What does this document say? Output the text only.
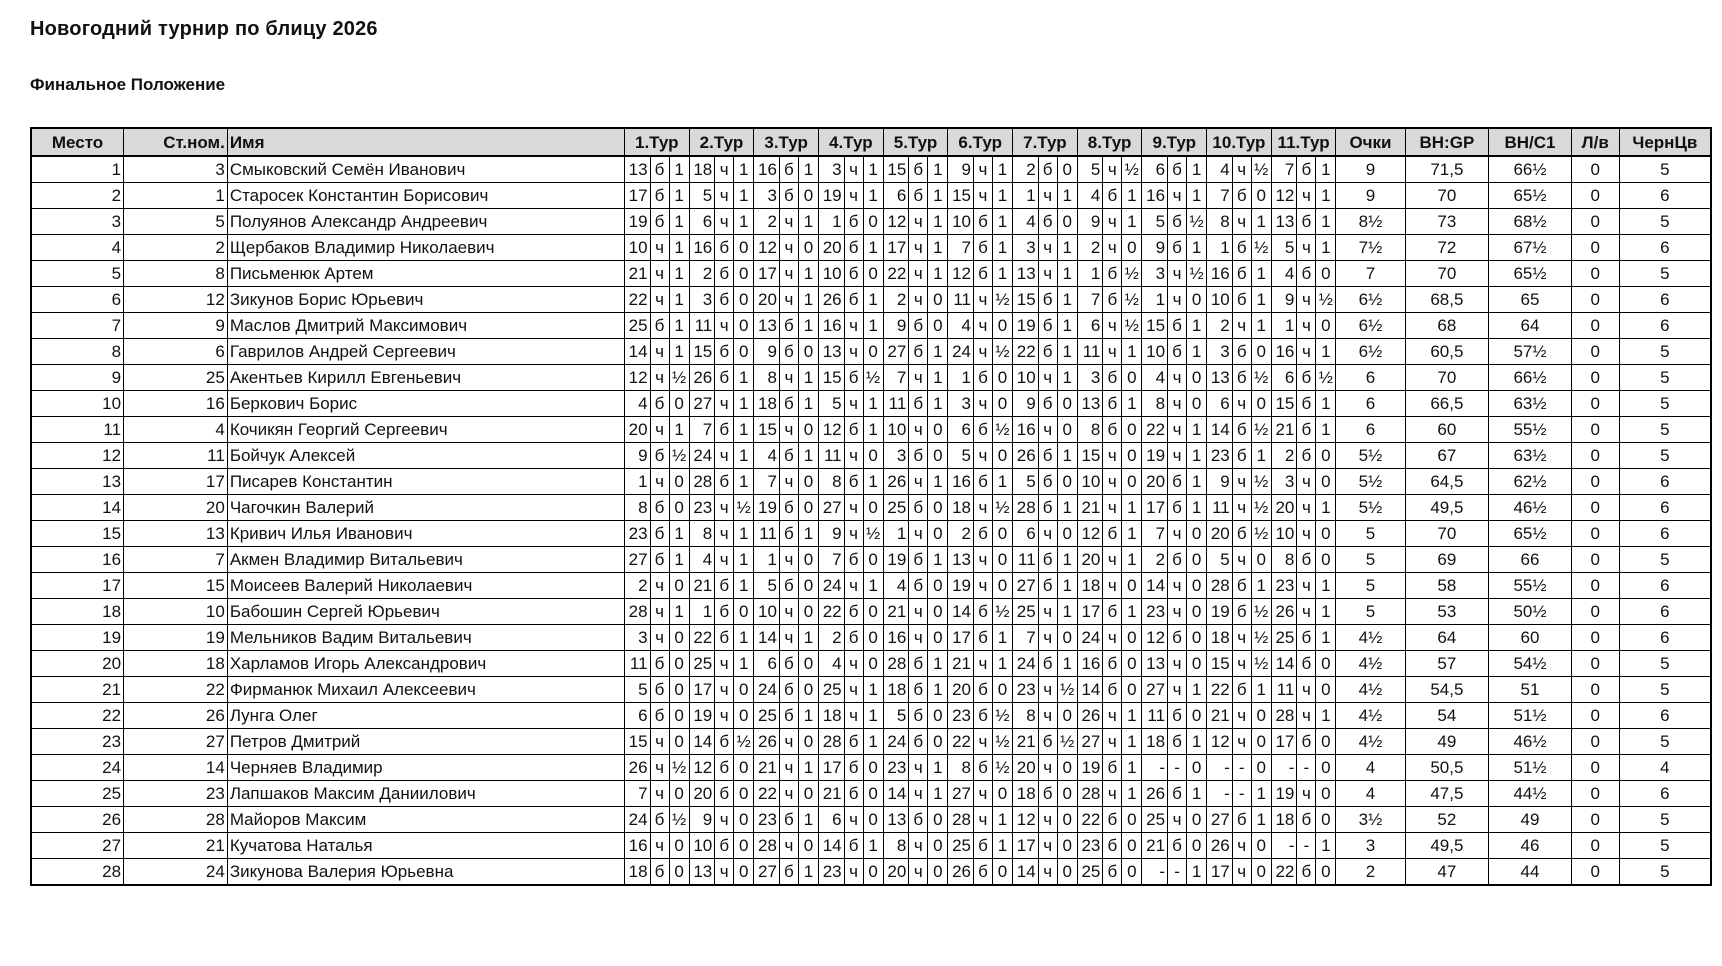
Новогодний турнир по блицу 2026
Финальное Положение
Место	Ст.ном.	Имя	1.Тур			2.Тур			3.Тур			4.Тур			5.Тур			6.Тур			7.Тур			8.Тур			9.Тур			10.Тур			11.Тур			Очки	BH:GP	BH/C1	Л/в	ЧернЦв
1	3	Смыковский Семён Иванович	13	б	1	18	ч	1	16	б	1	3	ч	1	15	б	1	9	ч	1	2	б	0	5	ч	½	6	б	1	4	ч	½	7	б	1	9	71,5	66½	0	5
2	1	Старосек Константин Борисович	17	б	1	5	ч	1	3	б	0	19	ч	1	6	б	1	15	ч	1	1	ч	1	4	б	1	16	ч	1	7	б	0	12	ч	1	9	70	65½	0	6
3	5	Полуянов Александр Андреевич	19	б	1	6	ч	1	2	ч	1	1	б	0	12	ч	1	10	б	1	4	б	0	9	ч	1	5	б	½	8	ч	1	13	б	1	8½	73	68½	0	5
4	2	Щербаков Владимир Николаевич	10	ч	1	16	б	0	12	ч	0	20	б	1	17	ч	1	7	б	1	3	ч	1	2	ч	0	9	б	1	1	б	½	5	ч	1	7½	72	67½	0	6
5	8	Письменюк Артем	21	ч	1	2	б	0	17	ч	1	10	б	0	22	ч	1	12	б	1	13	ч	1	1	б	½	3	ч	½	16	б	1	4	б	0	7	70	65½	0	5
6	12	Зикунов Борис Юрьевич	22	ч	1	3	б	0	20	ч	1	26	б	1	2	ч	0	11	ч	½	15	б	1	7	б	½	1	ч	0	10	б	1	9	ч	½	6½	68,5	65	0	6
7	9	Маслов Дмитрий Максимович	25	б	1	11	ч	0	13	б	1	16	ч	1	9	б	0	4	ч	0	19	б	1	6	ч	½	15	б	1	2	ч	1	1	ч	0	6½	68	64	0	6
8	6	Гаврилов Андрей Сергеевич	14	ч	1	15	б	0	9	б	0	13	ч	0	27	б	1	24	ч	½	22	б	1	11	ч	1	10	б	1	3	б	0	16	ч	1	6½	60,5	57½	0	5
9	25	Акентьев Кирилл Евгеньевич	12	ч	½	26	б	1	8	ч	1	15	б	½	7	ч	1	1	б	0	10	ч	1	3	б	0	4	ч	0	13	б	½	6	б	½	6	70	66½	0	5
10	16	Беркович Борис	4	б	0	27	ч	1	18	б	1	5	ч	1	11	б	1	3	ч	0	9	б	0	13	б	1	8	ч	0	6	ч	0	15	б	1	6	66,5	63½	0	5
11	4	Кочикян Георгий Сергеевич	20	ч	1	7	б	1	15	ч	0	12	б	1	10	ч	0	6	б	½	16	ч	0	8	б	0	22	ч	1	14	б	½	21	б	1	6	60	55½	0	5
12	11	Бойчук Алексей	9	б	½	24	ч	1	4	б	1	11	ч	0	3	б	0	5	ч	0	26	б	1	15	ч	0	19	ч	1	23	б	1	2	б	0	5½	67	63½	0	5
13	17	Писарев Константин	1	ч	0	28	б	1	7	ч	0	8	б	1	26	ч	1	16	б	1	5	б	0	10	ч	0	20	б	1	9	ч	½	3	ч	0	5½	64,5	62½	0	6
14	20	Чагочкин Валерий	8	б	0	23	ч	½	19	б	0	27	ч	0	25	б	0	18	ч	½	28	б	1	21	ч	1	17	б	1	11	ч	½	20	ч	1	5½	49,5	46½	0	6
15	13	Кривич Илья Иванович	23	б	1	8	ч	1	11	б	1	9	ч	½	1	ч	0	2	б	0	6	ч	0	12	б	1	7	ч	0	20	б	½	10	ч	0	5	70	65½	0	6
16	7	Акмен Владимир Витальевич	27	б	1	4	ч	1	1	ч	0	7	б	0	19	б	1	13	ч	0	11	б	1	20	ч	1	2	б	0	5	ч	0	8	б	0	5	69	66	0	5
17	15	Моисеев Валерий Николаевич	2	ч	0	21	б	1	5	б	0	24	ч	1	4	б	0	19	ч	0	27	б	1	18	ч	0	14	ч	0	28	б	1	23	ч	1	5	58	55½	0	6
18	10	Бабошин Сергей Юрьевич	28	ч	1	1	б	0	10	ч	0	22	б	0	21	ч	0	14	б	½	25	ч	1	17	б	1	23	ч	0	19	б	½	26	ч	1	5	53	50½	0	6
19	19	Мельников Вадим Витальевич	3	ч	0	22	б	1	14	ч	1	2	б	0	16	ч	0	17	б	1	7	ч	0	24	ч	0	12	б	0	18	ч	½	25	б	1	4½	64	60	0	6
20	18	Харламов Игорь Александрович	11	б	0	25	ч	1	6	б	0	4	ч	0	28	б	1	21	ч	1	24	б	1	16	б	0	13	ч	0	15	ч	½	14	б	0	4½	57	54½	0	5
21	22	Фирманюк Михаил Алексеевич	5	б	0	17	ч	0	24	б	0	25	ч	1	18	б	1	20	б	0	23	ч	½	14	б	0	27	ч	1	22	б	1	11	ч	0	4½	54,5	51	0	5
22	26	Лунга Олег	6	б	0	19	ч	0	25	б	1	18	ч	1	5	б	0	23	б	½	8	ч	0	26	ч	1	11	б	0	21	ч	0	28	ч	1	4½	54	51½	0	6
23	27	Петров Дмитрий	15	ч	0	14	б	½	26	ч	0	28	б	1	24	б	0	22	ч	½	21	б	½	27	ч	1	18	б	1	12	ч	0	17	б	0	4½	49	46½	0	5
24	14	Черняев Владимир	26	ч	½	12	б	0	21	ч	1	17	б	0	23	ч	1	8	б	½	20	ч	0	19	б	1	-	-	0	-	-	0	-	-	0	4	50,5	51½	0	4
25	23	Лапшаков Максим Даниилович	7	ч	0	20	б	0	22	ч	0	21	б	0	14	ч	1	27	ч	0	18	б	0	28	ч	1	26	б	1	-	-	1	19	ч	0	4	47,5	44½	0	6
26	28	Майоров Максим	24	б	½	9	ч	0	23	б	1	6	ч	0	13	б	0	28	ч	1	12	ч	0	22	б	0	25	ч	0	27	б	1	18	б	0	3½	52	49	0	5
27	21	Кучатова Наталья	16	ч	0	10	б	0	28	ч	0	14	б	1	8	ч	0	25	б	1	17	ч	0	23	б	0	21	б	0	26	ч	0	-	-	1	3	49,5	46	0	5
28	24	Зикунова Валерия Юрьевна	18	б	0	13	ч	0	27	б	1	23	ч	0	20	ч	0	26	б	0	14	ч	0	25	б	0	-	-	1	17	ч	0	22	б	0	2	47	44	0	5
